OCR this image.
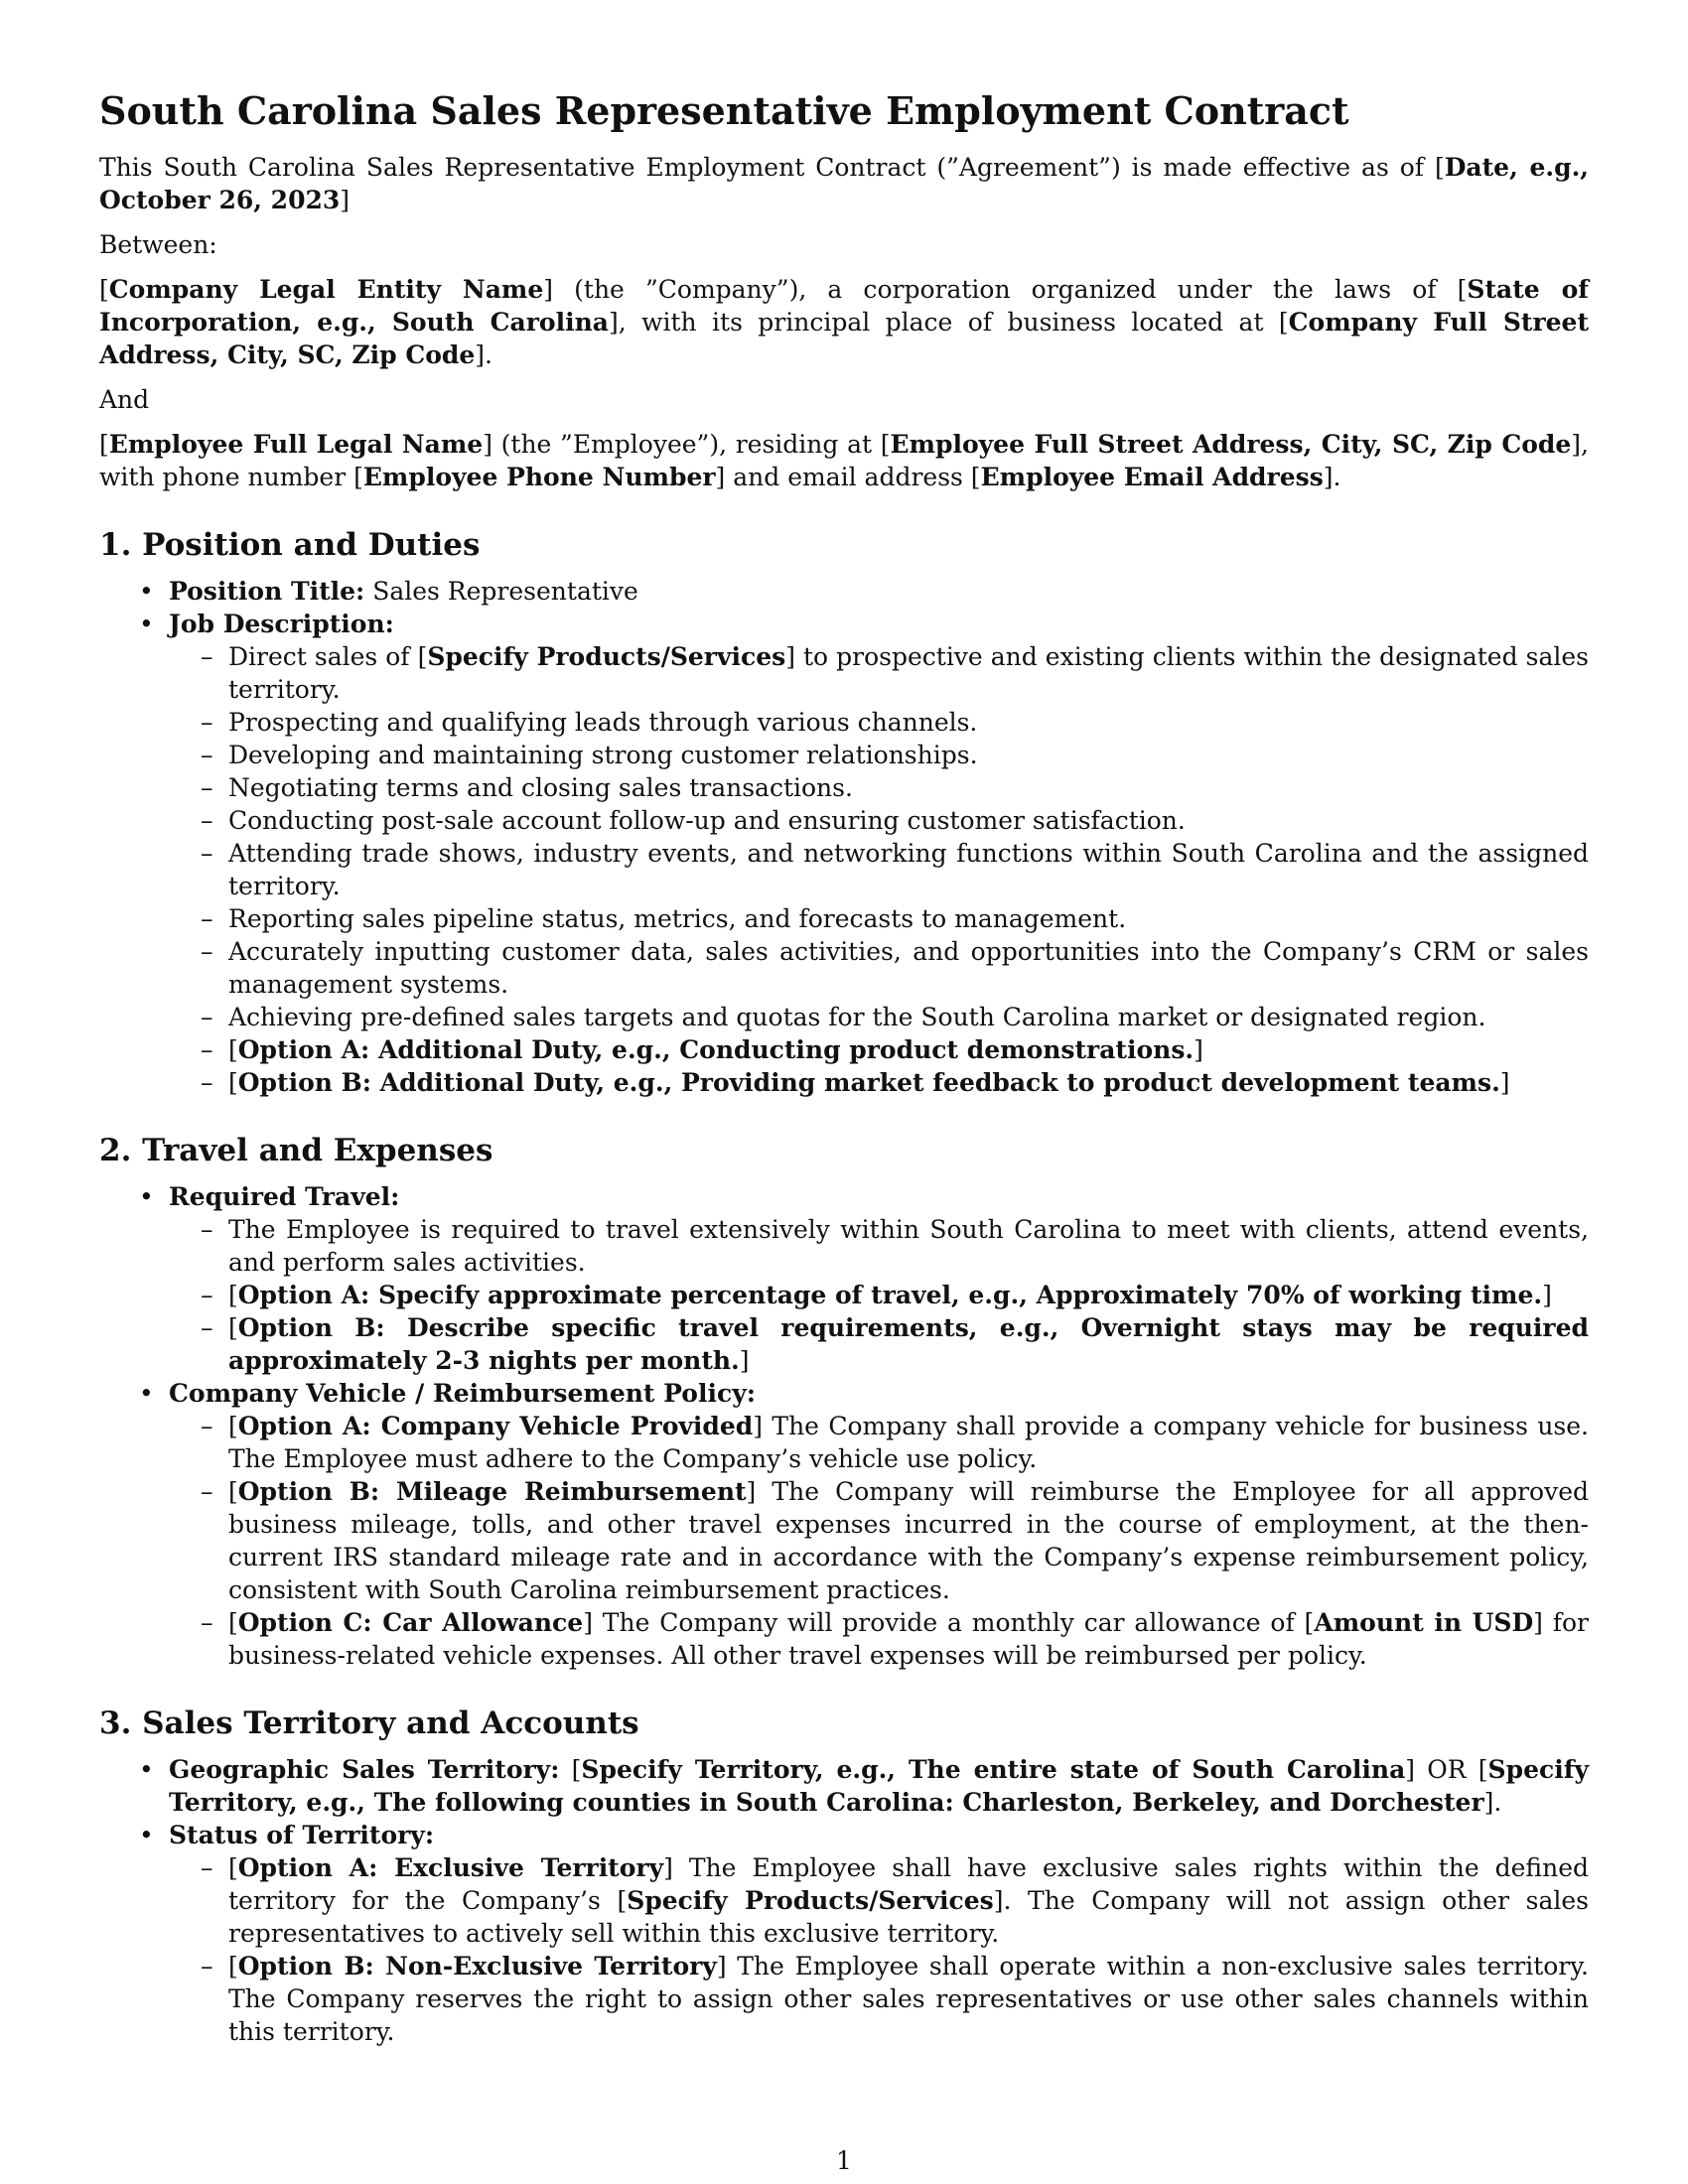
South Carolina Sales Representative Employment Contract

This South Carolina Sales Representative Employment Contract (”Agreement”) is made effective as of [Date, e.g., October 26, 2023]

Between:

[Company Legal Entity Name] (the ”Company”), a corporation organized under the laws of [State of Incorporation, e.g., South Carolina], with its principal place of business located at [Company Full Street Address, City, SC, Zip Code].

And

[Employee Full Legal Name] (the ”Employee”), residing at [Employee Full Street Address, City, SC, Zip Code], with phone number [Employee Phone Number] and email address [Employee Email Address].

1. Position and Duties
• Position Title: Sales Representative
• Job Description:
– Direct sales of [Specify Products/Services] to prospective and existing clients within the designated sales territory.
– Prospecting and qualifying leads through various channels.
– Developing and maintaining strong customer relationships.
– Negotiating terms and closing sales transactions.
– Conducting post-sale account follow-up and ensuring customer satisfaction.
– Attending trade shows, industry events, and networking functions within South Carolina and the assigned territory.
– Reporting sales pipeline status, metrics, and forecasts to management.
– Accurately inputting customer data, sales activities, and opportunities into the Company’s CRM or sales management systems.
– Achieving pre-defined sales targets and quotas for the South Carolina market or designated region.
– [Option A: Additional Duty, e.g., Conducting product demonstrations.]
– [Option B: Additional Duty, e.g., Providing market feedback to product development teams.]
2. Travel and Expenses
• Required Travel:
– The Employee is required to travel extensively within South Carolina to meet with clients, attend events, and perform sales activities.
– [Option A: Specify approximate percentage of travel, e.g., Approximately 70% of working time.]
– [Option B: Describe specific travel requirements, e.g., Overnight stays may be required approximately 2-3 nights per month.]
• Company Vehicle / Reimbursement Policy:
– [Option A: Company Vehicle Provided] The Company shall provide a company vehicle for business use. The Employee must adhere to the Company’s vehicle use policy.
– [Option B: Mileage Reimbursement] The Company will reimburse the Employee for all approved business mileage, tolls, and other travel expenses incurred in the course of employment, at the then-current IRS standard mileage rate and in accordance with the Company’s expense reimbursement policy, consistent with South Carolina reimbursement practices.
– [Option C: Car Allowance] The Company will provide a monthly car allowance of [Amount in USD] for business-related vehicle expenses. All other travel expenses will be reimbursed per policy.
3. Sales Territory and Accounts
• Geographic Sales Territory: [Specify Territory, e.g., The entire state of South Carolina] OR [Specify Territory, e.g., The following counties in South Carolina: Charleston, Berkeley, and Dorchester].
• Status of Territory:
– [Option A: Exclusive Territory] The Employee shall have exclusive sales rights within the defined territory for the Company’s [Specify Products/Services]. The Company will not assign other sales representatives to actively sell within this exclusive territory.
– [Option B: Non-Exclusive Territory] The Employee shall operate within a non-exclusive sales territory. The Company reserves the right to assign other sales representatives or use other sales channels within this territory.
1
